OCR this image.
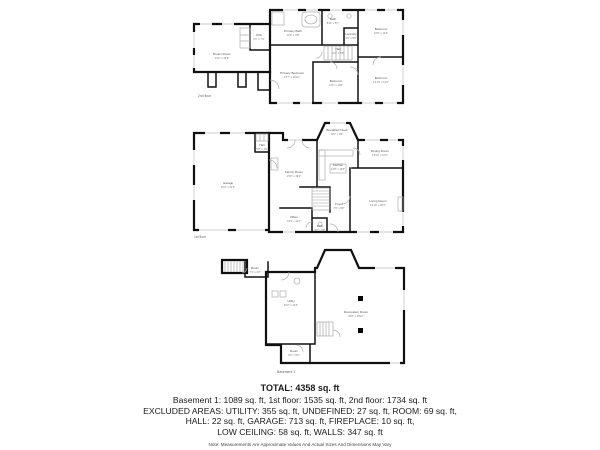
Bonus Room
24'2" x 15'9"
WIC
6'1" x 7'4"
Primary Bath
13'6" x 9'8"
Bath
8'11" x 5'7"
Laundry
3'0" x 5'6"
Bedroom
16'0" x 12'6"
Hall
13'4" x 5'8"
Primary Bedroom
15'7" x 16'10"
Bedroom
11'6" x 11'8"
Bedroom
13'10" x 14'2"
2nd floor
Garage
22'4" x 31'2"
Hall
6'2" x 3'9"
Family Room
15'6" x 19'4"
Breakfast Nook
13'2" x 9'6"
Kitchen
14'8" x 13'6"
Dining Room
13'10" x 12'4"
Living Room
13'10" x 20'2"
Foyer
7'6" x 9'8"
Office
10'9" x 11'2"
Bath
4'6" x 5'8"
1st floor
Room
7'4" x 4'8"
Utility
15'2" x 23'4"
Recreation Room
26'8" x 28'10"
Room
8'2" x 5'6"
Basement 1

TOTAL: 4358 sq. ft

Basement 1: 1089 sq. ft, 1st floor: 1535 sq. ft, 2nd floor: 1734 sq. ft

EXCLUDED AREAS: UTILITY: 355 sq. ft, UNDEFINED: 27 sq. ft, ROOM: 69 sq. ft,

HALL: 22 sq. ft, GARAGE: 713 sq. ft, FIREPLACE: 10 sq. ft,

LOW CEILING: 58 sq. ft, WALLS: 347 sq. ft

Note: Measurements Are Approximate Values And Actual Sizes And Dimensions May Vary
